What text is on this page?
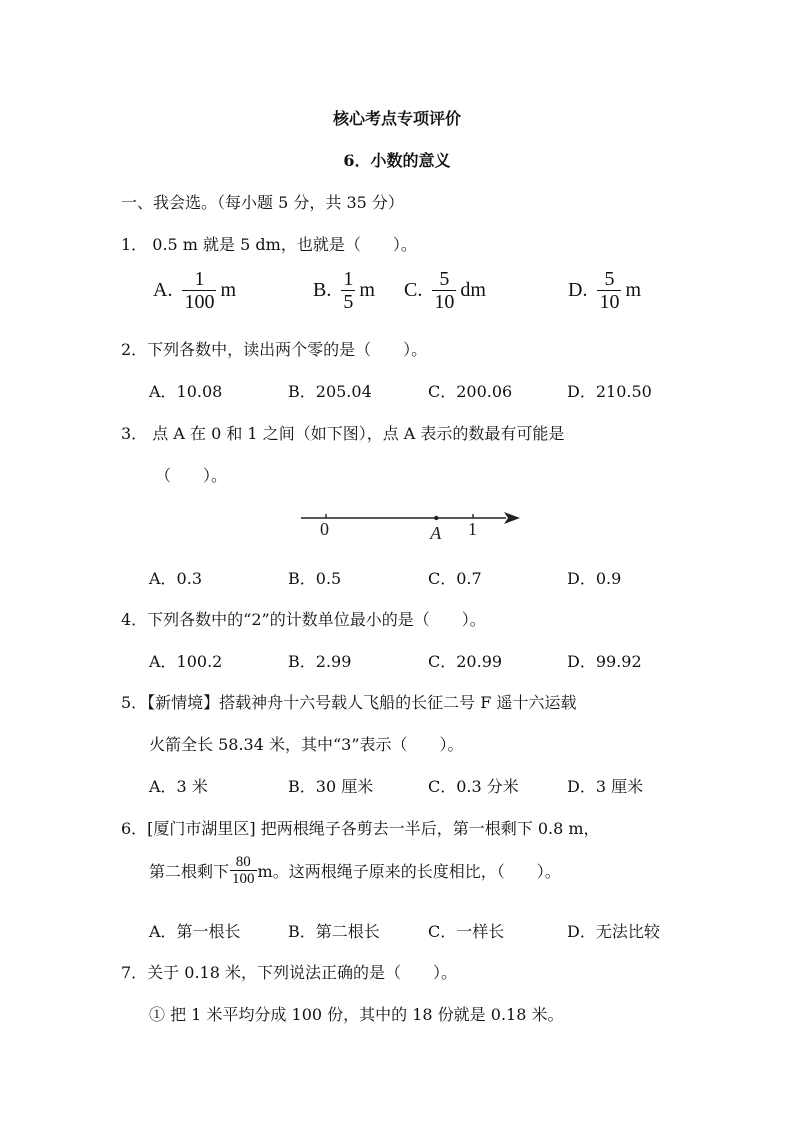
核心考点专项评价
6．小数的意义
一、我会选。（每小题 5 分，共 35 分）
1． 0.5 m 就是 5 dm，也就是（　　）。
A. $\frac{1}{100}$ m	B. $\frac{1}{5}$ m C. $\frac{5}{10}$ dm	D. $\frac{5}{10}$ m
2．下列各数中，读出两个零的是（　　）。
A．10.08	B．205.04	C．200.06	D．210.50
3． 点 A 在 0 和 1 之间（如下图），点 A 表示的数最有可能是
（　　）。
0	A 1
A．0.3	B．0.5	C．0.7	D．0.9
4．下列各数中的“2”的计数单位最小的是（　　）。
A．100.2	B．2.99	C．20.99	D．99.92
5．【新情境】搭载神舟十六号载人飞船的长征二号 F 遥十六运载
火箭全长 58.34 米，其中“3”表示（　　）。
A．3 米	B．30 厘米	C．0.3 分米	D．3 厘米
6．[厦门市湖里区] 把两根绳子各剪去一半后，第一根剩下 0.8 m，
第二根剩下 $\frac{80}{100}$ m。这两根绳子原来的长度相比，（　　）。
A．第一根长	B．第二根长	C．一样长	D．无法比较
7．关于 0.18 米，下列说法正确的是（　　）。
① 把 1 米平均分成 100 份，其中的 18 份就是 0.18 米。
